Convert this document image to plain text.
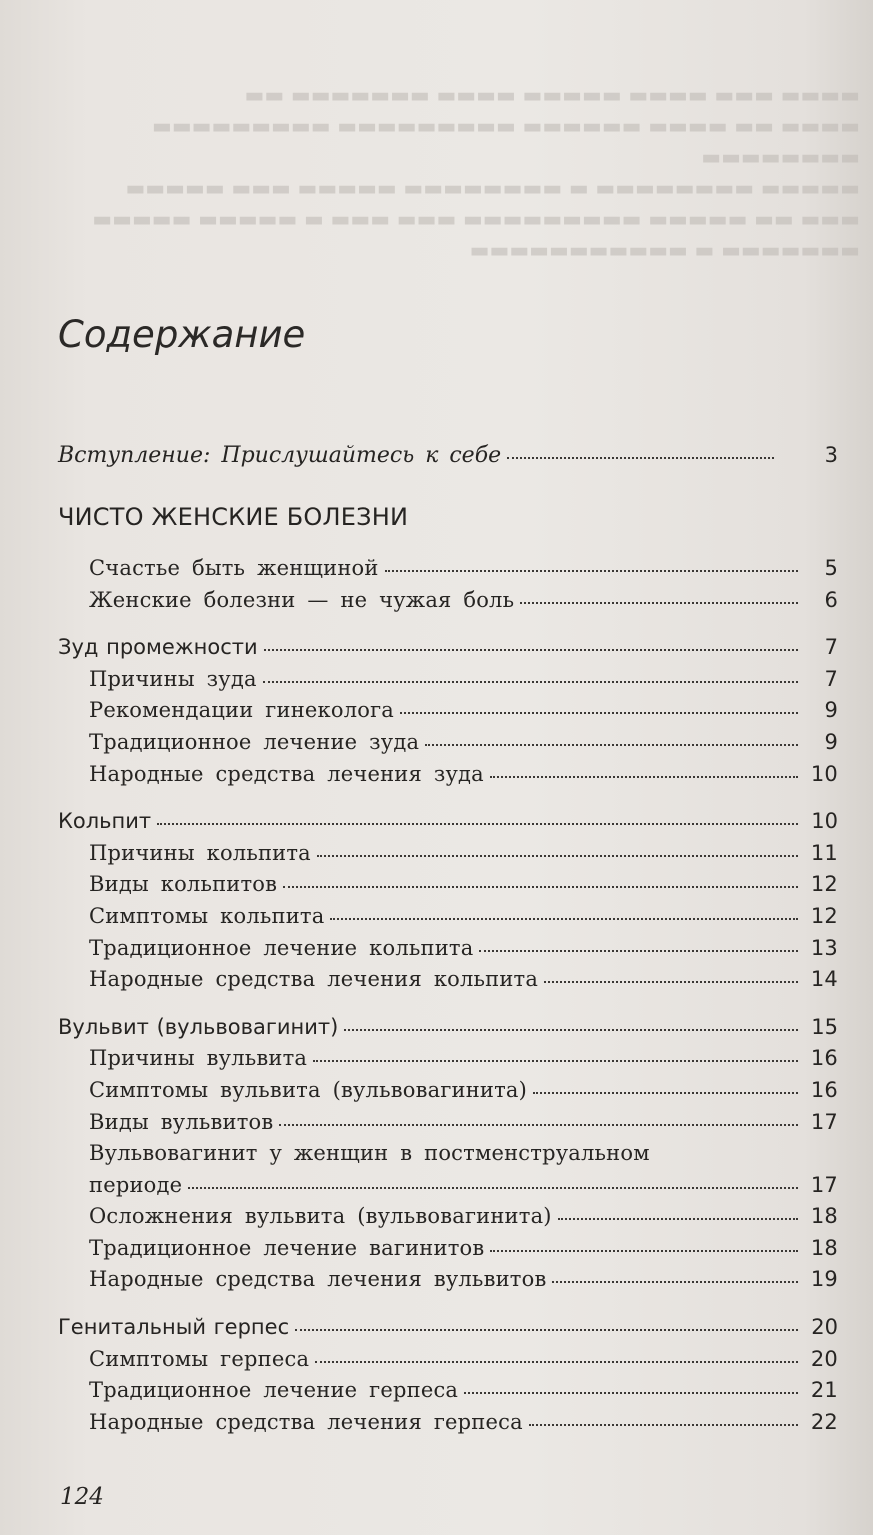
▬▬▬▬ ▬▬▬ ▬▬▬▬ ▬▬▬▬▬ ▬▬▬▬ ▬▬▬▬▬▬▬ ▬▬
▬▬▬▬ ▬▬ ▬▬▬▬ ▬▬▬▬▬▬ ▬▬▬▬▬▬▬▬▬ ▬▬▬▬▬▬▬▬▬
▬▬▬▬▬▬▬▬
▬▬▬▬▬ ▬▬▬▬▬▬▬▬ ▬ ▬▬▬▬▬▬▬▬ ▬▬▬▬▬ ▬▬▬ ▬▬▬▬▬
▬▬▬ ▬▬ ▬▬▬▬▬ ▬▬▬▬▬▬▬▬▬ ▬▬▬ ▬▬▬ ▬ ▬▬▬▬▬ ▬▬▬▬▬
▬▬▬▬▬▬▬ ▬ ▬▬▬▬▬▬▬▬▬▬▬
Содержание
Вступление: Прислушайтесь к себе	3
ЧИСТО ЖЕНСКИЕ БОЛЕЗНИ
Счастье быть женщиной	5
Женские болезни — не чужая боль	6
Зуд промежности	7
Причины зуда	7
Рекомендации гинеколога	9
Традиционное лечение зуда	9
Народные средства лечения зуда	10
Кольпит	10
Причины кольпита	11
Виды кольпитов	12
Симптомы кольпита	12
Традиционное лечение кольпита	13
Народные средства лечения кольпита	14
Вульвит (вульвовагинит)	15
Причины вульвита	16
Симптомы вульвита (вульвовагинита)	16
Виды вульвитов	17
Вульвовагинит у женщин в постменструальном
периоде	17
Осложнения вульвита (вульвовагинита)	18
Традиционное лечение вагинитов	18
Народные средства лечения вульвитов	19
Генитальный герпес	20
Симптомы герпеса	20
Традиционное лечение герпеса	21
Народные средства лечения герпеса	22
124
